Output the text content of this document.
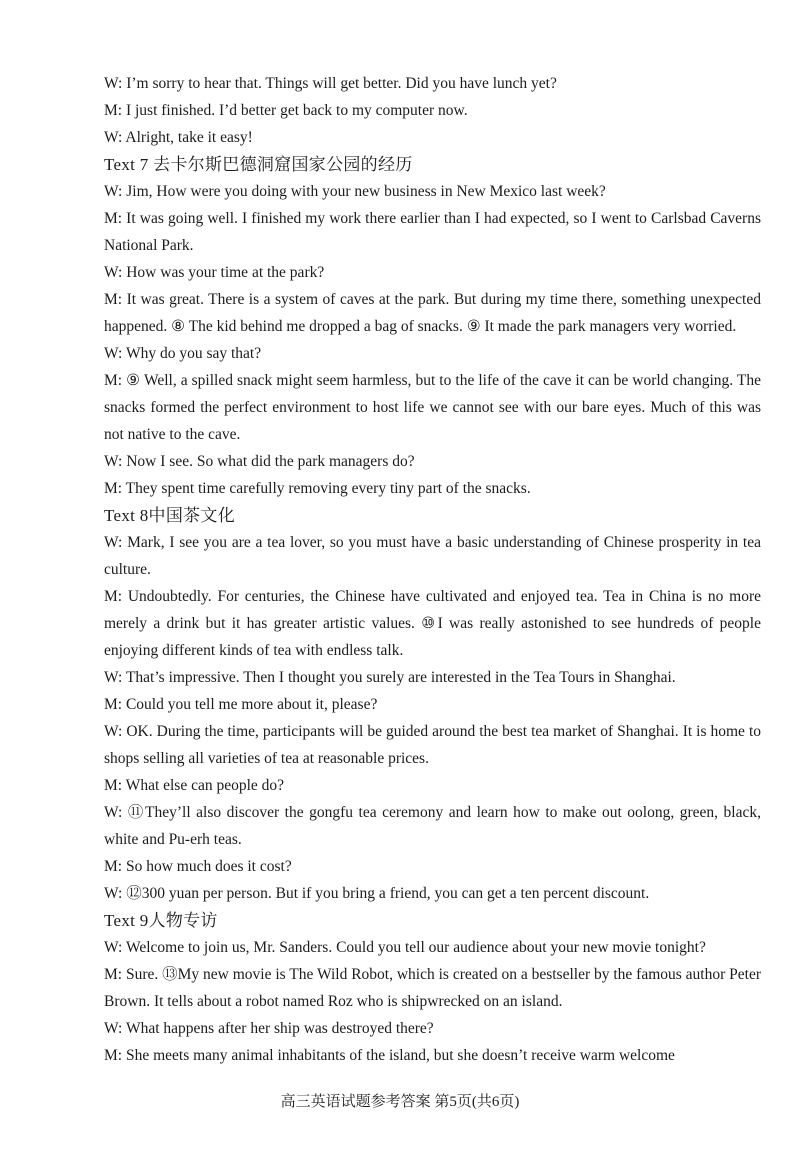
W: I’m sorry to hear that. Things will get better. Did you have lunch yet?
M: I just finished. I’d better get back to my computer now.
W: Alright, take it easy!
Text 7 去卡尔斯巴德洞窟国家公园的经历
W: Jim, How were you doing with your new business in New Mexico last week?
M: It was going well. I finished my work there earlier than I had expected, so I went to Carlsbad Caverns National Park.
W: How was your time at the park?
M: It was great. There is a system of caves at the park. But during my time there, something unexpected happened. ⑧ The kid behind me dropped a bag of snacks. ⑨ It made the park managers very worried.
W: Why do you say that?
M: ⑨ Well, a spilled snack might seem harmless, but to the life of the cave it can be world changing. The snacks formed the perfect environment to host life we cannot see with our bare eyes. Much of this was not native to the cave.
W: Now I see. So what did the park managers do?
M: They spent time carefully removing every tiny part of the snacks.
Text 8中国茶文化
W: Mark, I see you are a tea lover, so you must have a basic understanding of Chinese prosperity in tea culture.
M: Undoubtedly. For centuries, the Chinese have cultivated and enjoyed tea. Tea in China is no more merely a drink but it has greater artistic values. ⑩I was really astonished to see hundreds of people enjoying different kinds of tea with endless talk.
W: That’s impressive. Then I thought you surely are interested in the Tea Tours in Shanghai.
M: Could you tell me more about it, please?
W: OK. During the time, participants will be guided around the best tea market of Shanghai. It is home to shops selling all varieties of tea at reasonable prices.
M: What else can people do?
W: ⑪They’ll also discover the gongfu tea ceremony and learn how to make out oolong, green, black, white and Pu-erh teas.
M: So how much does it cost?
W: ⑫300 yuan per person. But if you bring a friend, you can get a ten percent discount.
Text 9人物专访
W: Welcome to join us, Mr. Sanders. Could you tell our audience about your new movie tonight?
M: Sure. ⑬My new movie is The Wild Robot, which is created on a bestseller by the famous author Peter Brown. It tells about a robot named Roz who is shipwrecked on an island.
W: What happens after her ship was destroyed there?
M: She meets many animal inhabitants of the island, but she doesn’t receive warm welcome
高三英语试题参考答案 第5页(共6页)
